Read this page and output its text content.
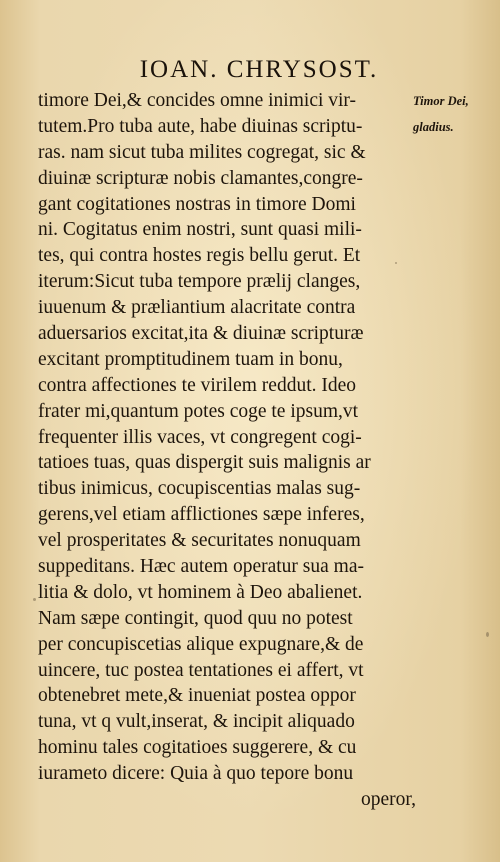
IOAN. CHRYSOST.
timore Dei,& concides omne inimici vir-
tutem.Pro tuba aute, habe diuinas scriptu-
ras. nam sicut tuba milites cogregat, sic &
diuinæ scripturæ nobis clamantes,congre-
gant cogitationes nostras in timore Domi
ni. Cogitatus enim nostri, sunt quasi mili-
tes, qui contra hostes regis bellu gerut. Et
iterum:Sicut tuba tempore prælij clanges,
iuuenum & præliantium alacritate contra
aduersarios excitat,ita & diuinæ scripturæ
excitant promptitudinem tuam in bonu,
contra affectiones te virilem reddut. Ideo
frater mi,quantum potes coge te ipsum,vt
frequenter illis vaces, vt congregent cogi-
tatioes tuas, quas dispergit suis malignis ar
tibus inimicus, cocupiscentias malas sug-
gerens,vel etiam afflictiones sæpe inferes,
vel prosperitates & securitates nonuquam
suppeditans. Hæc autem operatur sua ma-
litia & dolo, vt hominem à Deo abalienet.
Nam sæpe contingit, quod quu no potest
per concupiscetias alique expugnare,& de
uincere, tuc postea tentationes ei affert, vt
obtenebret mete,& inueniat postea oppor
tuna, vt q vult,inserat, & incipit aliquado
hominu tales cogitatioes suggerere, & cu
iurameto dicere: Quia à quo tepore bonu
operor,
Timor Dei,
gladius.
